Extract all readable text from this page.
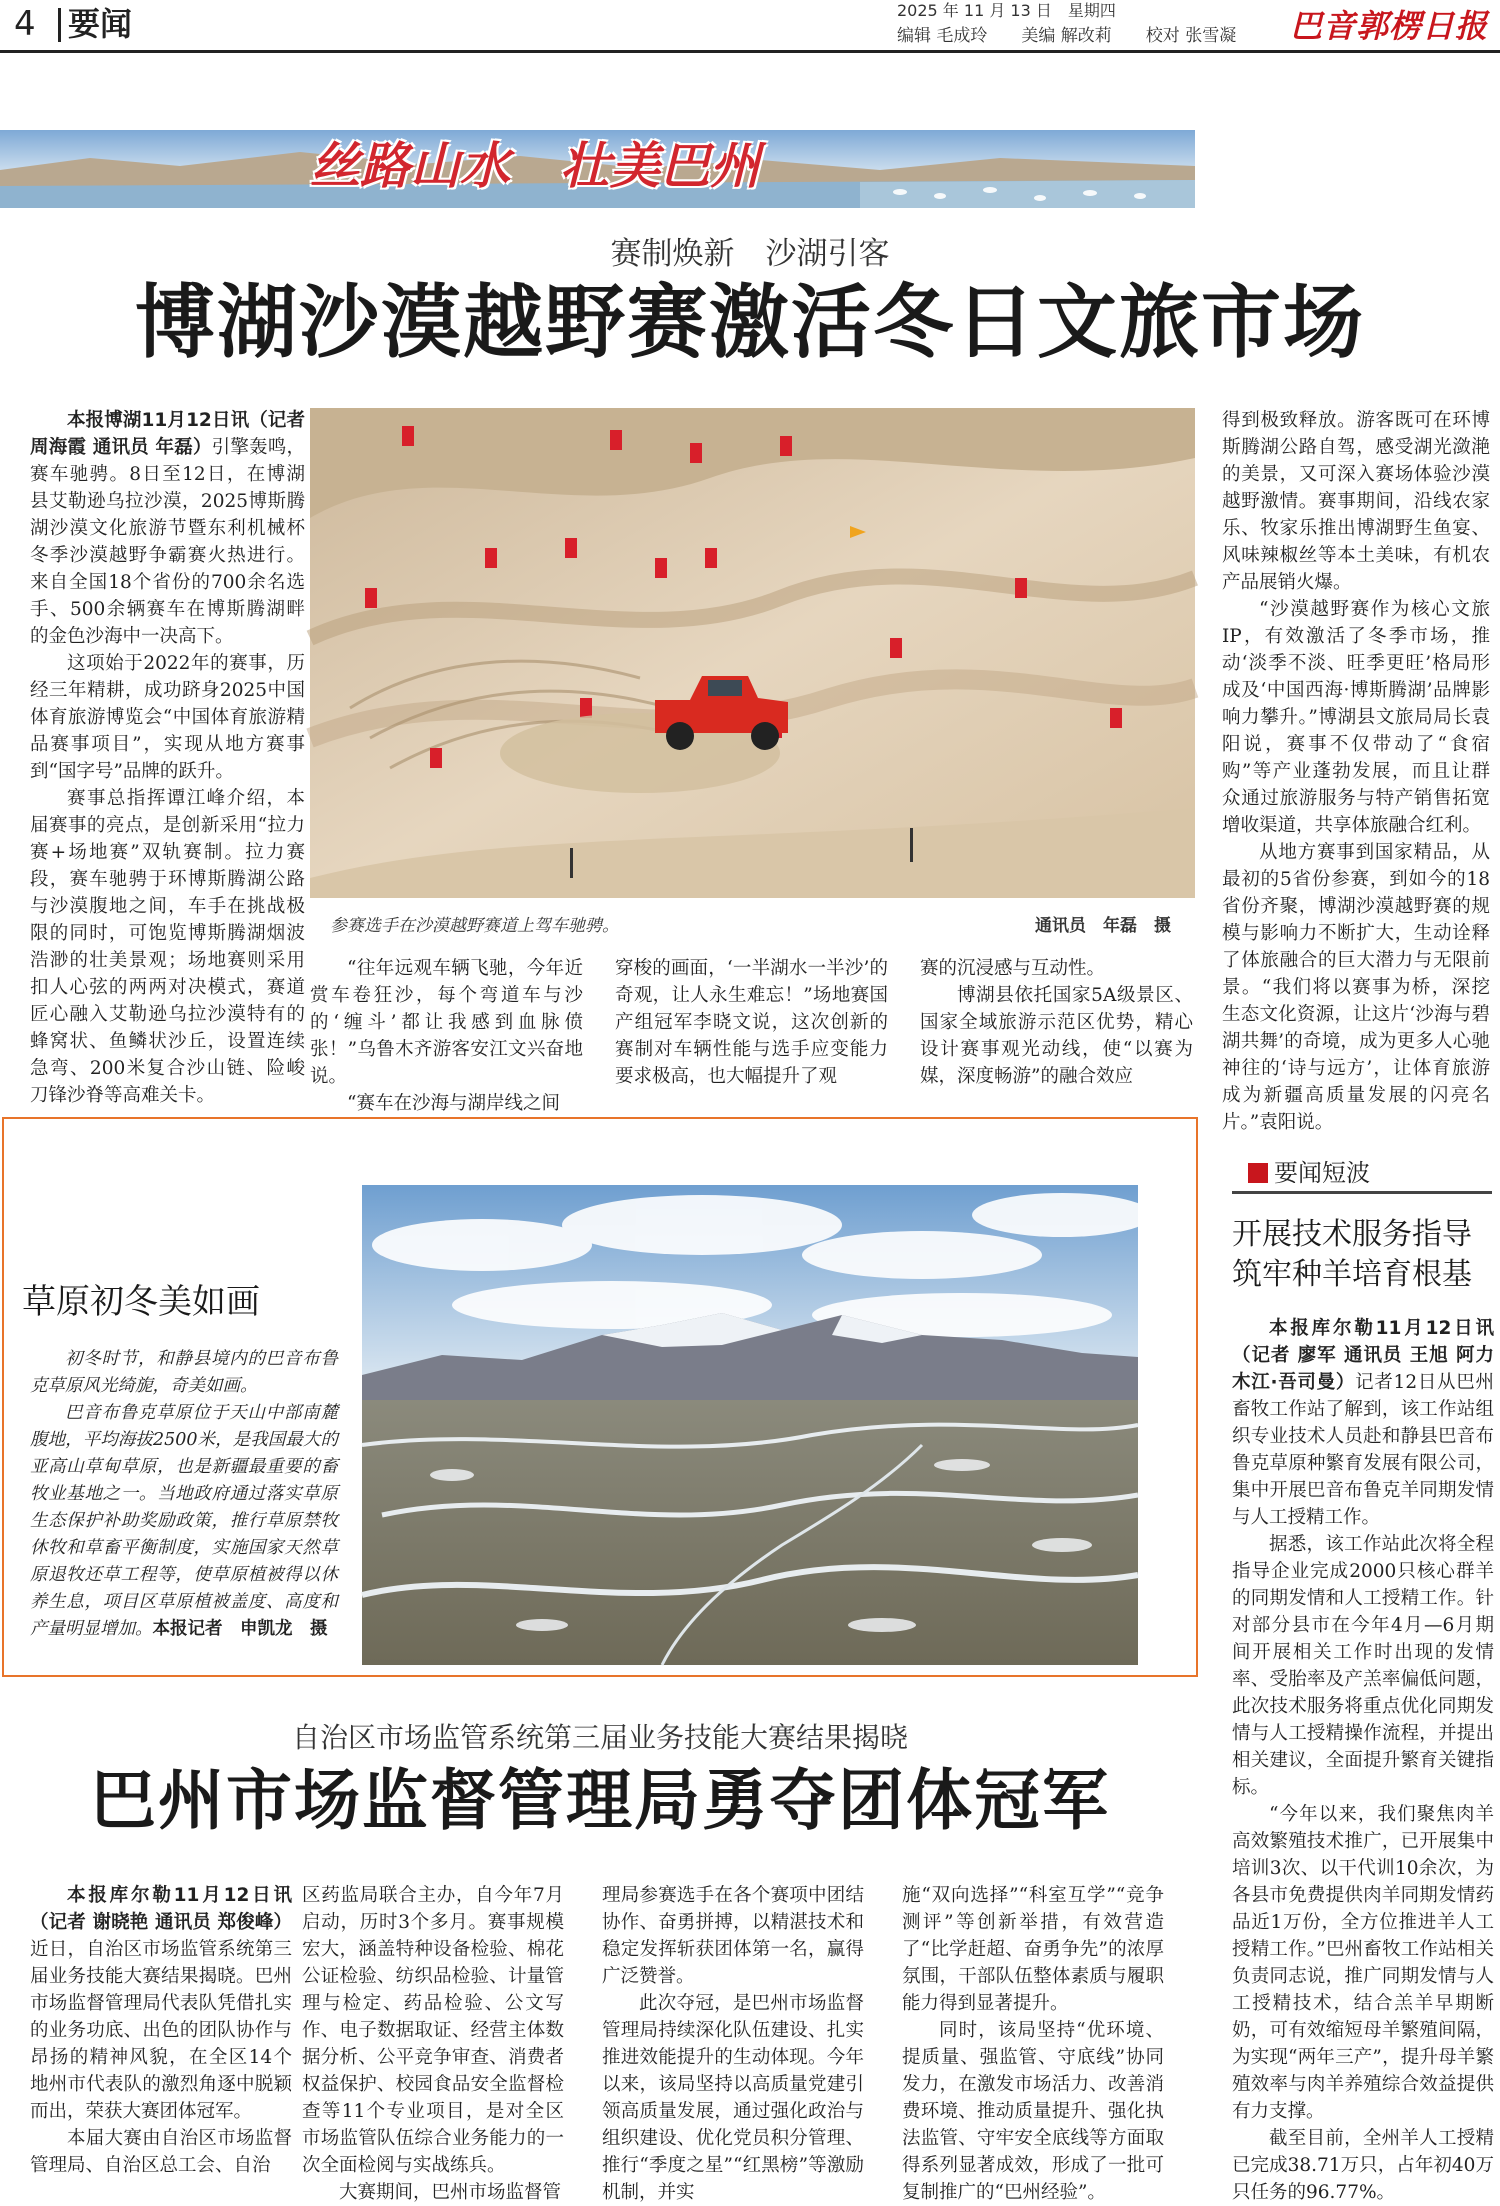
4 要闻	2025 年 11 月 13 日　星期四
编辑 毛成玲　　美编 解改莉　　校对 张雪凝 巴音郭楞日报
丝路山水　壮美巴州
赛制焕新　沙湖引客
博湖沙漠越野赛激活冬日文旅市场

本报博湖11月12日讯（记者 周海霞 通讯员 年磊）引擎轰鸣，赛车驰骋。8日至12日，在博湖县艾勒逊乌拉沙漠，2025博斯腾湖沙漠文化旅游节暨东利机械杯冬季沙漠越野争霸赛火热进行。来自全国18个省份的700余名选手、500余辆赛车在博斯腾湖畔的金色沙海中一决高下。

这项始于2022年的赛事，历经三年精耕，成功跻身2025中国体育旅游博览会“中国体育旅游精品赛事项目”，实现从地方赛事到“国字号”品牌的跃升。

赛事总指挥谭江峰介绍，本届赛事的亮点，是创新采用“拉力赛+场地赛”双轨赛制。拉力赛段，赛车驰骋于环博斯腾湖公路与沙漠腹地之间，车手在挑战极限的同时，可饱览博斯腾湖烟波浩渺的壮美景观；场地赛则采用扣人心弦的两两对决模式，赛道匠心融入艾勒逊乌拉沙漠特有的蜂窝状、鱼鳞状沙丘，设置连续急弯、200米复合沙山链、险峻刀锋沙脊等高难关卡。

参赛选手在沙漠越野赛道上驾车驰骋。	通讯员　年磊　摄

“往年远观车辆飞驰，今年近赏车卷狂沙，每个弯道车与沙的‘缠斗’都让我感到血脉偾张！”乌鲁木齐游客安江文兴奋地说。

“赛车在沙海与湖岸线之间

穿梭的画面，‘一半湖水一半沙’的奇观，让人永生难忘！”场地赛国产组冠军李晓文说，这次创新的赛制对车辆性能与选手应变能力要求极高，也大幅提升了观

赛的沉浸感与互动性。

博湖县依托国家5A级景区、国家全域旅游示范区优势，精心设计赛事观光动线，使“以赛为媒，深度畅游”的融合效应

得到极致释放。游客既可在环博斯腾湖公路自驾，感受湖光潋滟的美景，又可深入赛场体验沙漠越野激情。赛事期间，沿线农家乐、牧家乐推出博湖野生鱼宴、风味辣椒丝等本土美味，有机农产品展销火爆。

“沙漠越野赛作为核心文旅IP，有效激活了冬季市场，推动‘淡季不淡、旺季更旺’格局形成及‘中国西海·博斯腾湖’品牌影响力攀升。”博湖县文旅局局长袁阳说，赛事不仅带动了“食宿购”等产业蓬勃发展，而且让群众通过旅游服务与特产销售拓宽增收渠道，共享体旅融合红利。

从地方赛事到国家精品，从最初的5省份参赛，到如今的18省份齐聚，博湖沙漠越野赛的规模与影响力不断扩大，生动诠释了体旅融合的巨大潜力与无限前景。“我们将以赛事为桥，深挖生态文化资源，让这片‘沙海与碧湖共舞’的奇境，成为更多人心驰神往的‘诗与远方’，让体育旅游成为新疆高质量发展的闪亮名片。”袁阳说。

草原初冬美如画

初冬时节，和静县境内的巴音布鲁克草原风光绮旎，奇美如画。

巴音布鲁克草原位于天山中部南麓腹地，平均海拔2500米，是我国最大的亚高山草甸草原，也是新疆最重要的畜牧业基地之一。当地政府通过落实草原生态保护补助奖励政策，推行草原禁牧休牧和草畜平衡制度，实施国家天然草原退牧还草工程等，使草原植被得以休养生息，项目区草原植被盖度、高度和产量明显增加。本报记者　申凯龙　摄

自治区市场监管系统第三届业务技能大赛结果揭晓
巴州市场监督管理局勇夺团体冠军

本报库尔勒11月12日讯（记者 谢晓艳 通讯员 郑俊峰）近日，自治区市场监管系统第三届业务技能大赛结果揭晓。巴州市场监督管理局代表队凭借扎实的业务功底、出色的团队协作与昂扬的精神风貌，在全区14个地州市代表队的激烈角逐中脱颖而出，荣获大赛团体冠军。

本届大赛由自治区市场监督管理局、自治区总工会、自治

区药监局联合主办，自今年7月启动，历时3个多月。赛事规模宏大，涵盖特种设备检验、棉花公证检验、纺织品检验、计量管理与检定、药品检验、公文写作、电子数据取证、经营主体数据分析、公平竞争审查、消费者权益保护、校园食品安全监督检查等11个专业项目，是对全区市场监管队伍综合业务能力的一次全面检阅与实战练兵。

大赛期间，巴州市场监督管

理局参赛选手在各个赛项中团结协作、奋勇拼搏，以精湛技术和稳定发挥斩获团体第一名，赢得广泛赞誉。

此次夺冠，是巴州市场监督管理局持续深化队伍建设、扎实推进效能提升的生动体现。今年以来，该局坚持以高质量党建引领高质量发展，通过强化政治与组织建设、优化党员积分管理、推行“季度之星”“红黑榜”等激励机制，并实

施“双向选择”“科室互学”“竞争测评”等创新举措，有效营造了“比学赶超、奋勇争先”的浓厚氛围，干部队伍整体素质与履职能力得到显著提升。

同时，该局坚持“优环境、提质量、强监管、守底线”协同发力，在激发市场活力、改善消费环境、推动质量提升、强化执法监管、守牢安全底线等方面取得系列显著成效，形成了一批可复制推广的“巴州经验”。

要闻短波
开展技术服务指导
筑牢种羊培育根基

本报库尔勒11月12日讯（记者 廖军 通讯员 王旭 阿力木江·吾司曼）记者12日从巴州畜牧工作站了解到，该工作站组织专业技术人员赴和静县巴音布鲁克草原种繁育发展有限公司，集中开展巴音布鲁克羊同期发情与人工授精工作。

据悉，该工作站此次将全程指导企业完成2000只核心群羊的同期发情和人工授精工作。针对部分县市在今年4月—6月期间开展相关工作时出现的发情率、受胎率及产羔率偏低问题，此次技术服务将重点优化同期发情与人工授精操作流程，并提出相关建议，全面提升繁育关键指标。

“今年以来，我们聚焦肉羊高效繁殖技术推广，已开展集中培训3次、以干代训10余次，为各县市免费提供肉羊同期发情药品近1万份，全方位推进羊人工授精工作。”巴州畜牧工作站相关负责同志说，推广同期发情与人工授精技术，结合羔羊早期断奶，可有效缩短母羊繁殖间隔，为实现“两年三产”，提升母羊繁殖效率与肉羊养殖综合效益提供有力支撑。

截至目前，全州羊人工授精已完成38.71万只，占年初40万只任务的96.77%。
